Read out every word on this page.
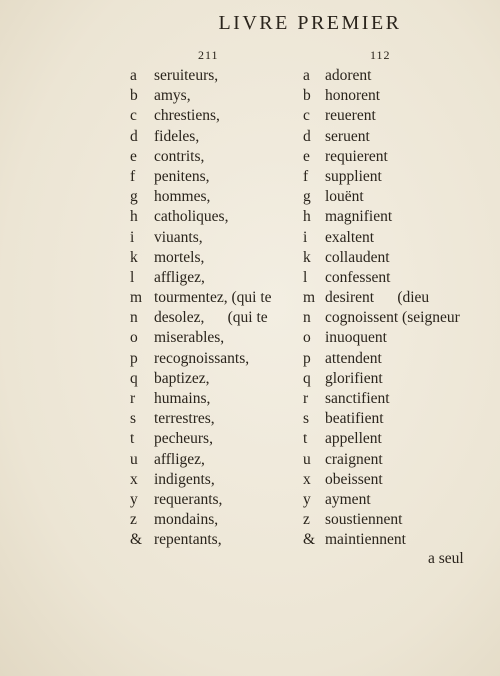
LIVRE PREMIER
211	112
a	seruiteurs,
b	amys,
c	chrestiens,
d	fideles,
e	contrits,
f	penitens,
g	hommes,
h	catholiques,
i	viuants,
k	mortels,
l	affligez,
m tourmentez, (qui te
n	desolez,      (qui te
o	miserables,
p	recognoissants,
q	baptizez,
r	humains,
s	terrestres,
t	pecheurs,
u	affligez,
x	indigents,
y	requerants,
z	mondains,
& repentants,
a adorent
b honorent
c reuerent
d seruent
e requierent
f	supplient
g louënt
h magnifient
i	exaltent
k collaudent
l	confessent
m desirent      (dieu
n cognoissent (seigneur
o inuoquent
p attendent
q glorifient
r	sanctifient
s	beatifient
t	appellent
u craignent
x obeissent
y ayment
z soustiennent
& maintiennent
a seul
